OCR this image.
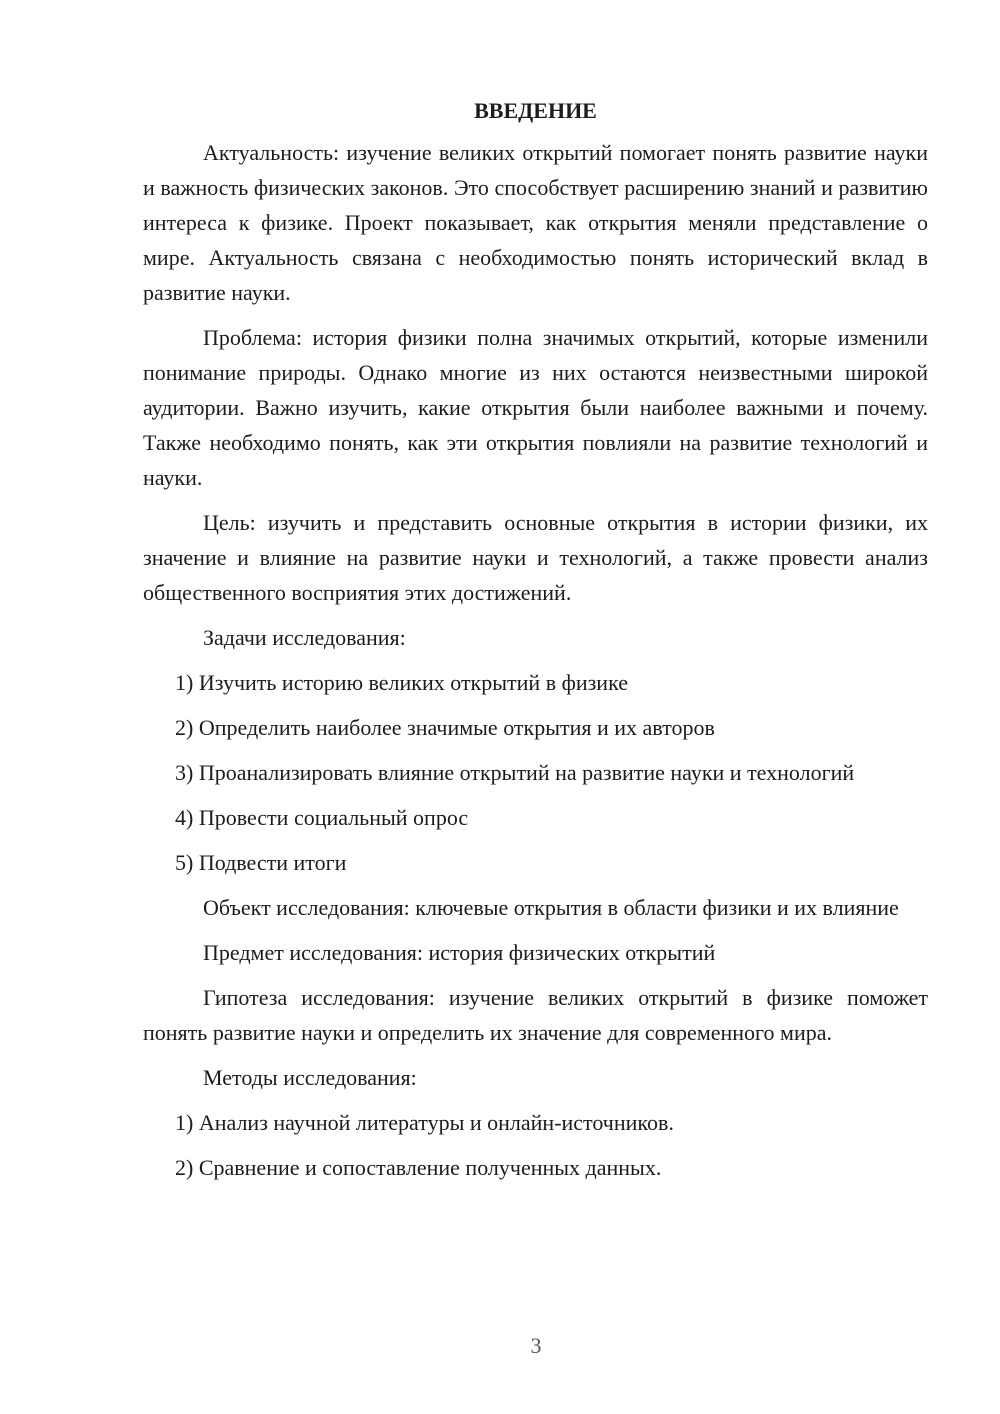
ВВЕДЕНИЕ

Актуальность: изучение великих открытий помогает понять развитие науки и важность физических законов. Это способствует расширению знаний и развитию интереса к физике. Проект показывает, как открытия меняли представление о мире. Актуальность связана с необходимостью понять исторический вклад в развитие науки.

Проблема: история физики полна значимых открытий, которые изменили понимание природы. Однако многие из них остаются неизвестными широкой аудитории. Важно изучить, какие открытия были наиболее важными и почему. Также необходимо понять, как эти открытия повлияли на развитие технологий и науки.

Цель: изучить и представить основные открытия в истории физики, их значение и влияние на развитие науки и технологий, а также провести анализ общественного восприятия этих достижений.

Задачи исследования:

1) Изучить историю великих открытий в физике

2) Определить наиболее значимые открытия и их авторов

3) Проанализировать влияние открытий на развитие науки и технологий

4) Провести социальный опрос

5) Подвести итоги

Объект исследования: ключевые открытия в области физики и их влияние

Предмет исследования: история физических открытий

Гипотеза исследования: изучение великих открытий в физике поможет понять развитие науки и определить их значение для современного мира.

Методы исследования:

1) Анализ научной литературы и онлайн-источников.

2) Сравнение и сопоставление полученных данных.

3
